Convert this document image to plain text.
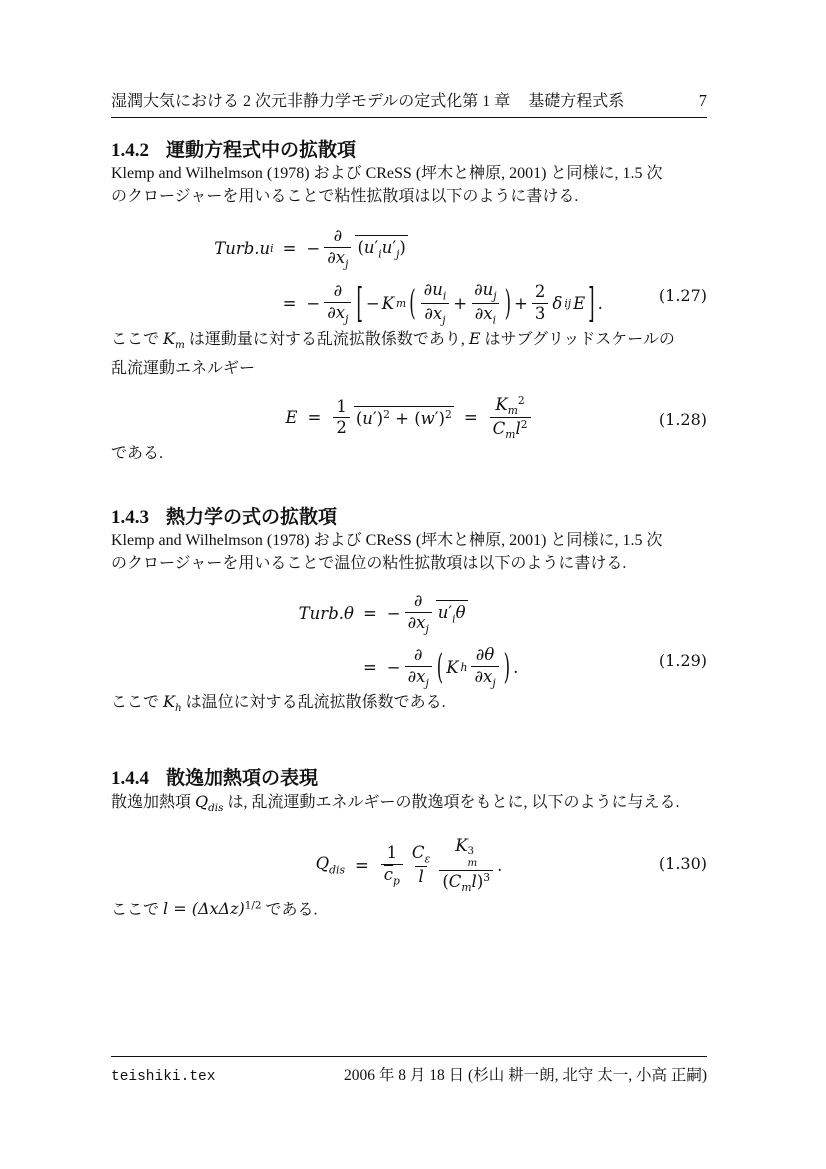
湿潤大気における 2 次元非静力学モデルの定式化 第 1 章 基礎方程式系	7
1.4.2 運動方程式中の拡散項

Klemp and Wilhelmson (1978) および CReSS (坪木と榊原, 2001) と同様に, 1.5 次
のクロージャーを用いることで粘性拡散項は以下のように書ける.

Turb.u i = − $\frac{\partial}{\partial x_j} (u'_iu'_j)$
= − $\frac{\partial}{\partial x_j}$ [ − K m ( $\frac{\partial u_i}{\partial x_j} + \frac{\partial u_j}{\partial x_i}$ ) + $\frac{2}{3}$ δ ij E ] .	(1.27)

ここで $K_m$ は運動量に対する乱流拡散係数であり, E はサブグリッドスケールの
乱流運動エネルギー

$E = \frac{1}{2} (u')^2 + (w')^2 = \frac{K_m^2}{C_ml^2}$	(1.28)

である.

1.4.3 熱力学の式の拡散項

Klemp and Wilhelmson (1978) および CReSS (坪木と榊原, 2001) と同様に, 1.5 次
のクロージャーを用いることで温位の粘性拡散項は以下のように書ける.

Turb.θ = − $\frac{\partial}{\partial x_j} u'_i\theta$
= − $\frac{\partial}{\partial x_j}$ ( K h $\frac{\partial\theta}{\partial x_j}$ ) .	(1.29)

ここで $K_h$ は温位に対する乱流拡散係数である.

1.4.4 散逸加熱項の表現

散逸加熱項 $Q_{dis}$ は, 乱流運動エネルギーの散逸項をもとに, 以下のように与える.

$Q_{dis} = \frac{1}{c_p} \frac{C_\varepsilon}{l}$ K 3
m
$(C_ml)^3$ .	(1.30)

ここで $l = (\Delta x\Delta z)^{1/2}$ である.

teishiki.tex	2006 年 8 月 18 日 (杉山 耕一朗, 北守 太一, 小高 正嗣)
